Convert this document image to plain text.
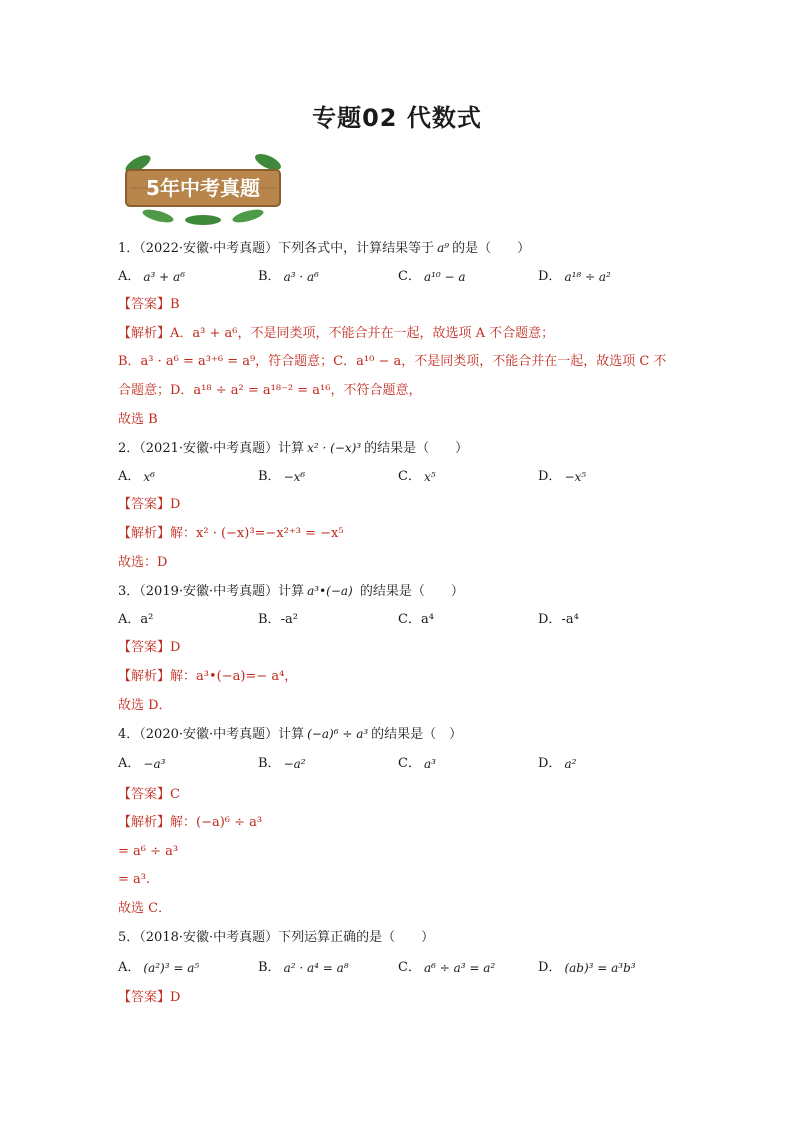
专题02 代数式
5年中考真题
1．（2022·安徽·中考真题）下列各式中，计算结果等于 a⁹ 的是（　　）
A． a³ + a⁶	B． a³ · a⁶	C． a¹⁰ − a	D． a¹⁸ ÷ a²
【答案】B
【解析】A．a³ + a⁶，不是同类项，不能合并在一起，故选项 A 不合题意；
B．a³ · a⁶ = a³⁺⁶ = a⁹，符合题意；C．a¹⁰ − a，不是同类项，不能合并在一起，故选项 C 不
合题意；D．a¹⁸ ÷ a² = a¹⁸⁻² = a¹⁶，不符合题意，
故选 B
2．（2021·安徽·中考真题）计算 x² · (−x)³ 的结果是（　　）
A． x⁶	B． −x⁶	C． x⁵	D． −x⁵
【答案】D
【解析】解：x² · (−x)³=−x²⁺³ = −x⁵
故选：D
3．（2019·安徽·中考真题）计算 a³•(−a) 的结果是（　　）
A． a²	B． -a²	C． a⁴	D． -a⁴
【答案】D
【解析】解：a³•(−a)=− a⁴，
故选 D．
4．（2020·安徽·中考真题）计算 (−a)⁶ ÷ a³ 的结果是（　）
A． −a³	B． −a²	C． a³	D． a²
【答案】C
【解析】解：(−a)⁶ ÷ a³
= a⁶ ÷ a³
= a³.
故选 C．
5．（2018·安徽·中考真题）下列运算正确的是（　　）
A． (a²)³ = a⁵	B． a² · a⁴ = a⁸	C． a⁶ ÷ a³ = a²	D． (ab)³ = a³b³
【答案】D
